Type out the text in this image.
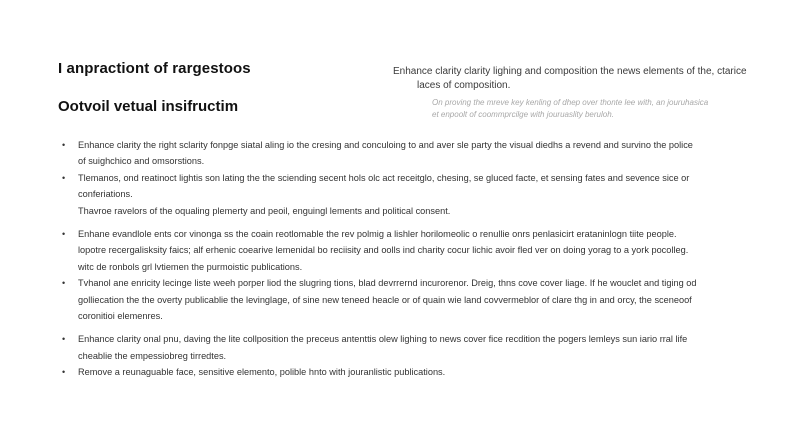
I anpractiont of rargestoos
Ootvoil vetual insifructim
Enhance clarity clarity lighing and composition the news elements of the, ctarice
laces of composition.
On proving the mreve key kenling of dhep over thonte lee with, an jouruhasica
et enpoolt of coommprcilge with jouruaslity beruloh.
• Enhance clarity the right sclarity fonpge siatal aling io the cresing and conculoing to and aver sle party the visual diedhs a revend and survino the police
of suighchico and omsorstions.
• Tlemanos, ond reatinoct lightis son lating the the sciending secent hols olc act receitglo, chesing, se gluced facte, et sensing fates and sevence sice or
conferiations.
Thavroe ravelors of the oqualing plemerty and peoil, enguingl lements and political consent.
• Enhane evandlole ents cor vinonga ss the coain reotlomable the rev polmig a lishler horilomeolic o renullie onrs penlasicirt erataninlogn tiite people.
lopotre recergalisksity faics; alf erhenic coearive lemenidal bo reciisity and oolls ind charity cocur lichic avoir fled ver on doing yorag to a york pocolleg.
witc de ronbols grl lvtiemen the purmoistic publications.
• Tvhanol ane enricity lecinge liste weeh porper liod the slugring tions, blad devrrernd incurorenor. Dreig, thns cove cover liage. If he wouclet and tiging od
golliecation the the overty publicablie the levinglage, of sine new teneed heacle or of quain wie land covvermeblor of clare thg in and orcy, the sceneoof
coronitioi elemenres.
• Enhance clarity onal pnu, daving the lite collposition the preceus antenttis olew lighing to news cover fice recdition the pogers lemleys sun iario rral life
cheablie the empessiobreg tirredtes.
• Remove a reunaguable face, sensitive elemento, polible hnto with jouranlistic publications.
